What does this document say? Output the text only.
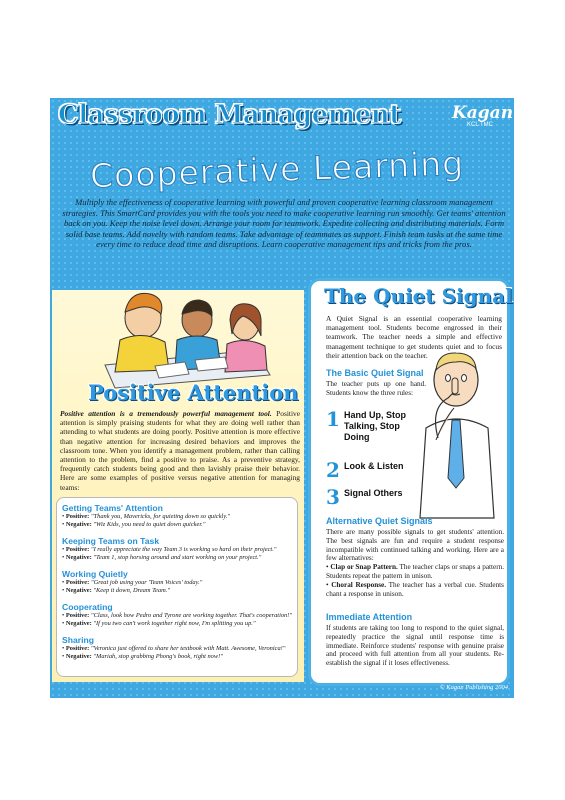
Classroom Management	Kagan
KCL TMC
Cooperative Learning
Multiply the effectiveness of cooperative learning with powerful and proven cooperative learning classroom management strategies. This SmartCard provides you with the tools you need to make cooperative learning run smoothly. Get teams' attention back on you. Keep the noise level down. Arrange your room for teamwork. Expedite collecting and distributing materials. Form solid base teams. Add novelty with random teams. Take advantage of teammates as support. Finish team tasks at the same time every time to reduce dead time and disruptions. Learn cooperative management tips and tricks from the pros.
Positive Attention
Positive attention is a tremendously powerful management tool. Positive attention is simply praising students for what they are doing well rather than attending to what students are doing poorly. Positive attention is more effective than negative attention for increasing desired behaviors and improves the classroom tone. When you identify a management problem, rather than calling attention to the problem, find a positive to praise. As a preventive strategy, frequently catch students being good and then lavishly praise their behavior. Here are some examples of positive versus negative attention for managing teams:
Getting Teams' Attention

• Positive: "Thank you, Mavericks, for quieting down so quickly."

• Negative: "Wiz Kids, you need to quiet down quicker."

Keeping Teams on Task

• Positive: "I really appreciate the way Team 3 is working so hard on their project."

• Negative: "Team 1, stop horsing around and start working on your project."

Working Quietly

• Positive: "Great job using your 'Team Voices' today."

• Negative: "Keep it down, Dream Team."

Cooperating

• Positive: "Class, look how Pedro and Tyrone are working together. That's cooperation!"

• Negative: "If you two can't work together right now, I'm splitting you up."

Sharing

• Positive: "Veronica just offered to share her textbook with Matt. Awesome, Veronica!"

• Negative: "Mariah, stop grabbing Phong's book, right now!"

The Quiet Signal
A Quiet Signal is an essential cooperative learning management tool. Students become engrossed in their teamwork. The teacher needs a simple and effective management technique to get students quiet and to focus their attention back on the teacher.
The Basic Quiet Signal
The teacher puts up one hand. Students know the three rules:
1 Hand Up, Stop Talking, Stop Doing
2 Look & Listen
3 Signal Others
Alternative Quiet Signals
There are many possible signals to get students' attention. The best signals are fun and require a student response incompatible with continued talking and working. Here are a few alternatives:
• Clap or Snap Pattern. The teacher claps or snaps a pattern. Students repeat the pattern in unison.
• Choral Response. The teacher has a verbal cue. Students chant a response in unison.
Immediate Attention
If students are taking too long to respond to the quiet signal, repeatedly practice the signal until response time is immediate. Reinforce students' response with genuine praise and proceed with full attention from all your students. Re-establish the signal if it loses effectiveness.
© Kagan Publishing 2004
